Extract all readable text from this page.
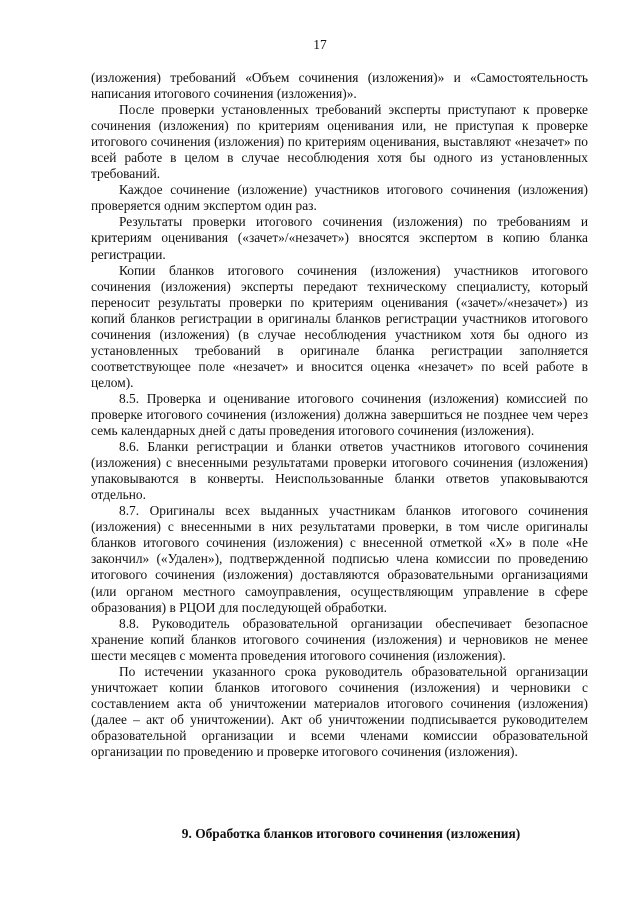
17

(изложения) требований «Объем сочинения (изложения)» и «Самостоятельность написания итогового сочинения (изложения)».

После проверки установленных требований эксперты приступают к проверке сочинения (изложения) по критериям оценивания или, не приступая к проверке итогового сочинения (изложения) по критериям оценивания, выставляют «незачет» по всей работе в целом в случае несоблюдения хотя бы одного из установленных требований.

Каждое сочинение (изложение) участников итогового сочинения (изложения) проверяется одним экспертом один раз.

Результаты проверки итогового сочинения (изложения) по требованиям и критериям оценивания («зачет»/«незачет») вносятся экспертом в копию бланка регистрации.

Копии бланков итогового сочинения (изложения) участников итогового сочинения (изложения) эксперты передают техническому специалисту, который переносит результаты проверки по критериям оценивания («зачет»/«незачет») из копий бланков регистрации в оригиналы бланков регистрации участников итогового сочинения (изложения) (в случае несоблюдения участником хотя бы одного из установленных требований в оригинале бланка регистрации заполняется соответствующее поле «незачет» и вносится оценка «незачет» по всей работе в целом).

8.5. Проверка и оценивание итогового сочинения (изложения) комиссией по проверке итогового сочинения (изложения) должна завершиться не позднее чем через семь календарных дней с даты проведения итогового сочинения (изложения).

8.6. Бланки регистрации и бланки ответов участников итогового сочинения (изложения) с внесенными результатами проверки итогового сочинения (изложения) упаковываются в конверты. Неиспользованные бланки ответов упаковываются отдельно.

8.7. Оригиналы всех выданных участникам бланков итогового сочинения (изложения) с внесенными в них результатами проверки, в том числе оригиналы бланков итогового сочинения (изложения) с внесенной отметкой «X» в поле «Не закончил» («Удален»), подтвержденной подписью члена комиссии по проведению итогового сочинения (изложения) доставляются образовательными организациями (или органом местного самоуправления, осуществляющим управление в сфере образования) в РЦОИ для последующей обработки.

8.8. Руководитель образовательной организации обеспечивает безопасное хранение копий бланков итогового сочинения (изложения) и черновиков не менее шести месяцев с момента проведения итогового сочинения (изложения).

По истечении указанного срока руководитель образовательной организации уничтожает копии бланков итогового сочинения (изложения) и черновики с составлением акта об уничтожении материалов итогового сочинения (изложения) (далее – акт об уничтожении). Акт об уничтожении подписывается руководителем образовательной организации и всеми членами комиссии образовательной организации по проведению и проверке итогового сочинения (изложения).

9. Обработка бланков итогового сочинения (изложения)
